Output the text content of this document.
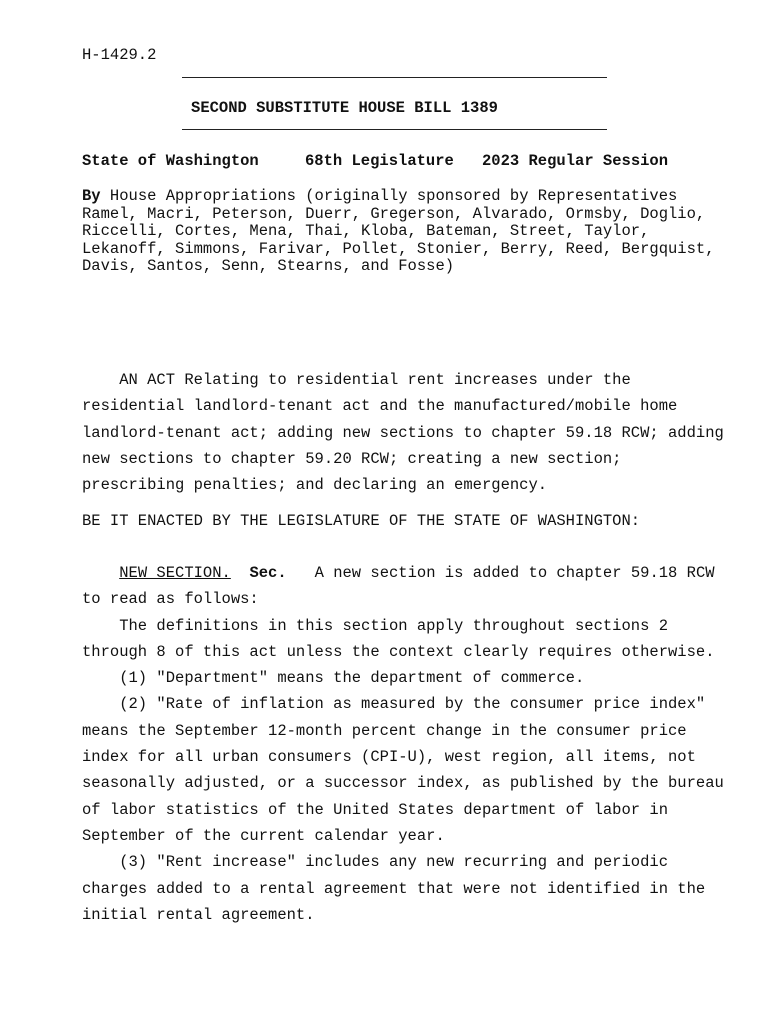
H-1429.2
SECOND SUBSTITUTE HOUSE BILL 1389
State of Washington	68th Legislature 2023 Regular Session
By House Appropriations (originally sponsored by Representatives
Ramel, Macri, Peterson, Duerr, Gregerson, Alvarado, Ormsby, Doglio,
Riccelli, Cortes, Mena, Thai, Kloba, Bateman, Street, Taylor,
Lekanoff, Simmons, Farivar, Pollet, Stonier, Berry, Reed, Bergquist,
Davis, Santos, Senn, Stearns, and Fosse)
AN ACT Relating to residential rent increases under the
residential landlord-tenant act and the manufactured/mobile home
landlord-tenant act; adding new sections to chapter 59.18 RCW; adding
new sections to chapter 59.20 RCW; creating a new section;
prescribing penalties; and declaring an emergency.
BE IT ENACTED BY THE LEGISLATURE OF THE STATE OF WASHINGTON:
NEW SECTION. Sec.   A new section is added to chapter 59.18 RCW
to read as follows:
The definitions in this section apply throughout sections 2
through 8 of this act unless the context clearly requires otherwise.
(1) "Department" means the department of commerce.
(2) "Rate of inflation as measured by the consumer price index"
means the September 12-month percent change in the consumer price
index for all urban consumers (CPI-U), west region, all items, not
seasonally adjusted, or a successor index, as published by the bureau
of labor statistics of the United States department of labor in
September of the current calendar year.
(3) "Rent increase" includes any new recurring and periodic
charges added to a rental agreement that were not identified in the
initial rental agreement.
